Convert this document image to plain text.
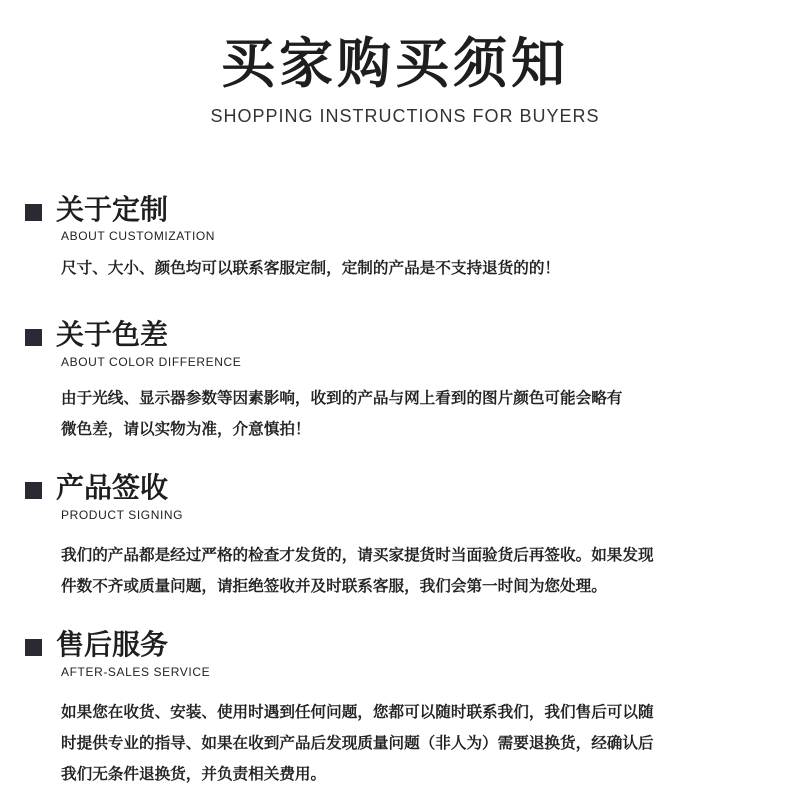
买家购买须知
SHOPPING INSTRUCTIONS FOR BUYERS
关于定制
ABOUT CUSTOMIZATION
尺寸、大小、颜色均可以联系客服定制，定制的产品是不支持退货的的！
关于色差
ABOUT COLOR DIFFERENCE
由于光线、显示器参数等因素影响，收到的产品与网上看到的图片颜色可能会略有
微色差，请以实物为准，介意慎拍！
产品签收
PRODUCT SIGNING
我们的产品都是经过严格的检查才发货的，请买家提货时当面验货后再签收。如果发现
件数不齐或质量问题，请拒绝签收并及时联系客服，我们会第一时间为您处理。
售后服务
AFTER-SALES SERVICE
如果您在收货、安装、使用时遇到任何问题，您都可以随时联系我们，我们售后可以随
时提供专业的指导、如果在收到产品后发现质量问题（非人为）需要退换货，经确认后
我们无条件退换货，并负责相关费用。
